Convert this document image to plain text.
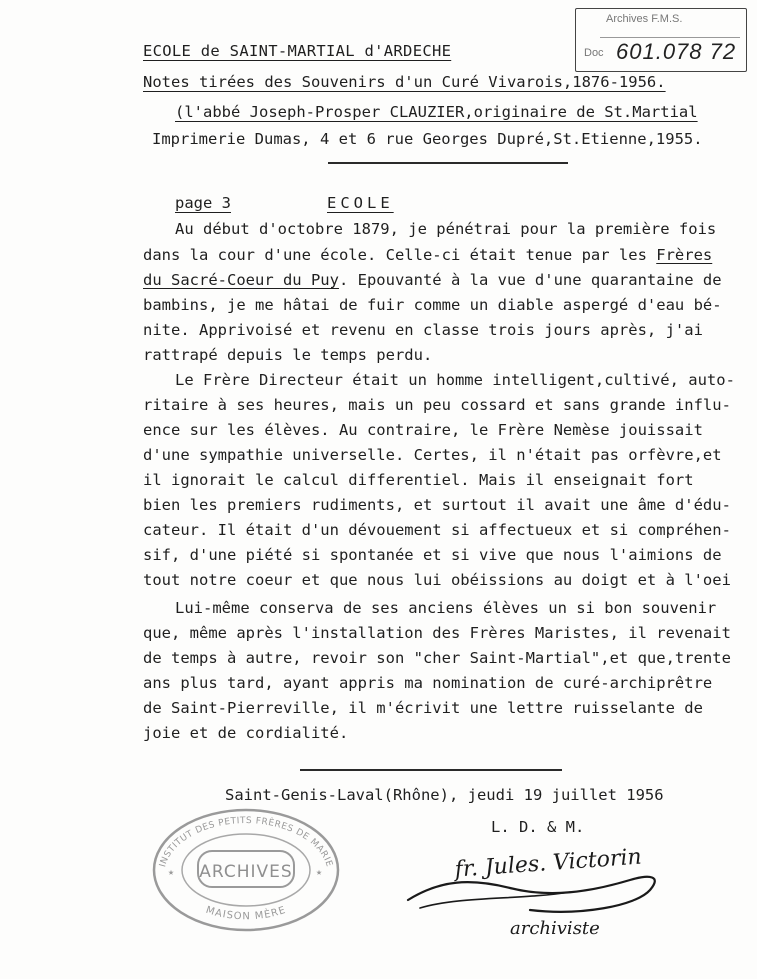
Archives F.M.S.
Doc 601.078 72
ECOLE de SAINT-MARTIAL d'ARDECHE
Notes tirées des Souvenirs d'un Curé Vivarois,1876-1956.
(l'abbé Joseph-Prosper CLAUZIER,originaire de St.Martial
Imprimerie Dumas, 4 et 6 rue Georges Dupré,St.Etienne,1955.
page 3	ECOLE
Au début d'octobre 1879, je pénétrai pour la première fois
dans la cour d'une école. Celle-ci était tenue par les Frères
du Sacré-Coeur du Puy. Epouvanté à la vue d'une quarantaine de
bambins, je me hâtai de fuir comme un diable aspergé d'eau bé-
nite. Apprivoisé et revenu en classe trois jours après, j'ai
rattrapé depuis le temps perdu.
Le Frère Directeur était un homme intelligent,cultivé, auto-
ritaire à ses heures, mais un peu cossard et sans grande influ-
ence sur les élèves. Au contraire, le Frère Nemèse jouissait
d'une sympathie universelle. Certes, il n'était pas orfèvre,et
il ignorait le calcul differentiel. Mais il enseignait fort
bien les premiers rudiments, et surtout il avait une âme d'édu-
cateur. Il était d'un dévouement si affectueux et si compréhen-
sif, d'une piété si spontanée et si vive que nous l'aimions de
tout notre coeur et que nous lui obéissions au doigt et à l'oei
Lui-même conserva de ses anciens élèves un si bon souvenir
que, même après l'installation des Frères Maristes, il revenait
de temps à autre, revoir son "cher Saint-Martial",et que,trente
ans plus tard, ayant appris ma nomination de curé-archiprêtre
de Saint-Pierreville, il m'écrivit une lettre ruisselante de
joie et de cordialité.
Saint-Genis-Laval(Rhône), jeudi 19 juillet 1956
L. D. & M.
ARCHIVES
INSTITUT DES PETITS FRÈRES DE MARIE
MAISON MÈRE
★	★	fr. Jules. Victorin
archiviste
